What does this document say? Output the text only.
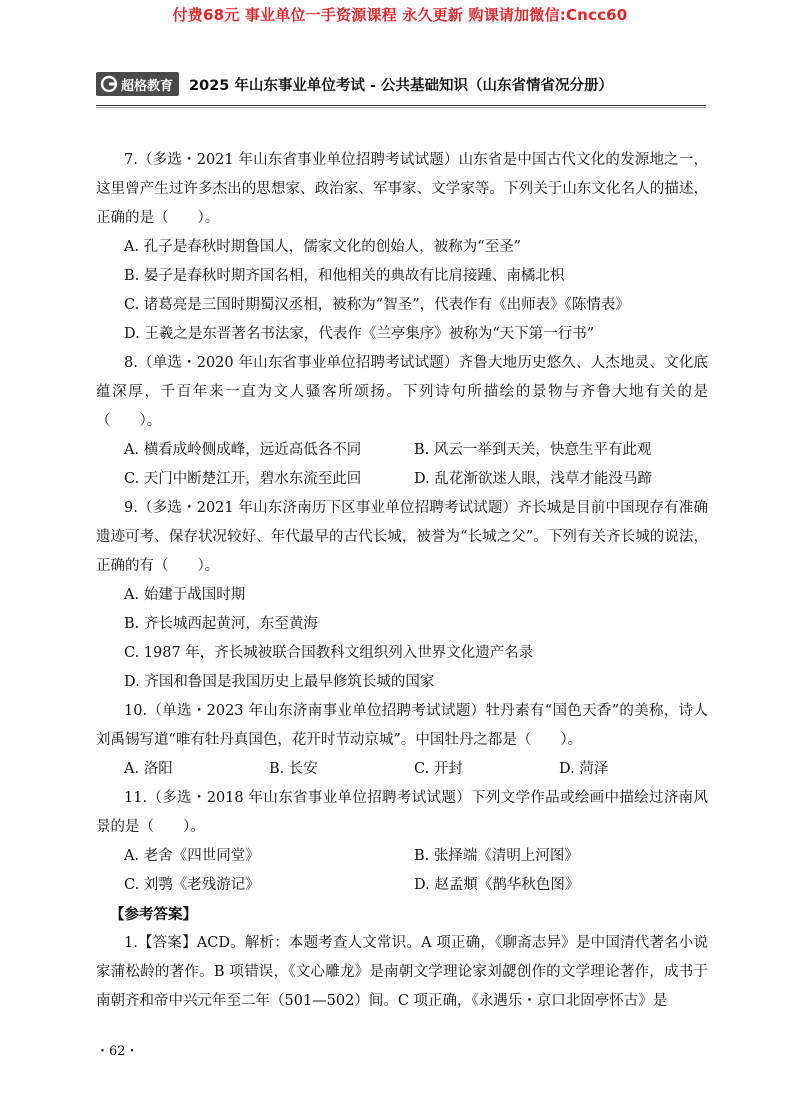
付费68元 事业单位一手资源课程 永久更新 购课请加微信:Cncc60
超格教育 2025 年山东事业单位考试 - 公共基础知识（山东省情省况分册）

7.（多选・2021 年山东省事业单位招聘考试试题）山东省是中国古代文化的发源地之一，这里曾产生过许多杰出的思想家、政治家、军事家、文学家等。下列关于山东文化名人的描述，正确的是（　　）。

A. 孔子是春秋时期鲁国人，儒家文化的创始人，被称为“至圣”

B. 晏子是春秋时期齐国名相，和他相关的典故有比肩接踵、南橘北枳

C. 诸葛亮是三国时期蜀汉丞相，被称为“智圣”，代表作有《出师表》《陈情表》

D. 王羲之是东晋著名书法家，代表作《兰亭集序》被称为“天下第一行书”

8.（单选・2020 年山东省事业单位招聘考试试题）齐鲁大地历史悠久、人杰地灵、文化底蕴深厚，千百年来一直为文人骚客所颂扬。下列诗句所描绘的景物与齐鲁大地有关的是（　　）。

A. 横看成岭侧成峰，远近高低各不同	B. 风云一举到天关，快意生平有此观
C. 天门中断楚江开，碧水东流至此回	D. 乱花渐欲迷人眼，浅草才能没马蹄

9.（多选・2021 年山东济南历下区事业单位招聘考试试题）齐长城是目前中国现存有准确遗迹可考、保存状况较好、年代最早的古代长城，被誉为“长城之父”。下列有关齐长城的说法，正确的有（　　）。

A. 始建于战国时期

B. 齐长城西起黄河，东至黄海

C. 1987 年，齐长城被联合国教科文组织列入世界文化遗产名录

D. 齐国和鲁国是我国历史上最早修筑长城的国家

10.（单选・2023 年山东济南事业单位招聘考试试题）牡丹素有“国色天香”的美称，诗人刘禹锡写道“唯有牡丹真国色，花开时节动京城”。中国牡丹之都是（　　）。

A. 洛阳	B. 长安	C. 开封	D. 菏泽

11.（多选・2018 年山东省事业单位招聘考试试题）下列文学作品或绘画中描绘过济南风景的是（　　）。

A. 老舍《四世同堂》	B. 张择端《清明上河图》
C. 刘鹗《老残游记》	D. 赵孟頫《鹊华秋色图》

【参考答案】

1.【答案】ACD。解析：本题考查人文常识。A 项正确，《聊斋志异》是中国清代著名小说家蒲松龄的著作。B 项错误，《文心雕龙》是南朝文学理论家刘勰创作的文学理论著作，成书于南朝齐和帝中兴元年至二年（501—502）间。C 项正确，《永遇乐・京口北固亭怀古》是

・62・
